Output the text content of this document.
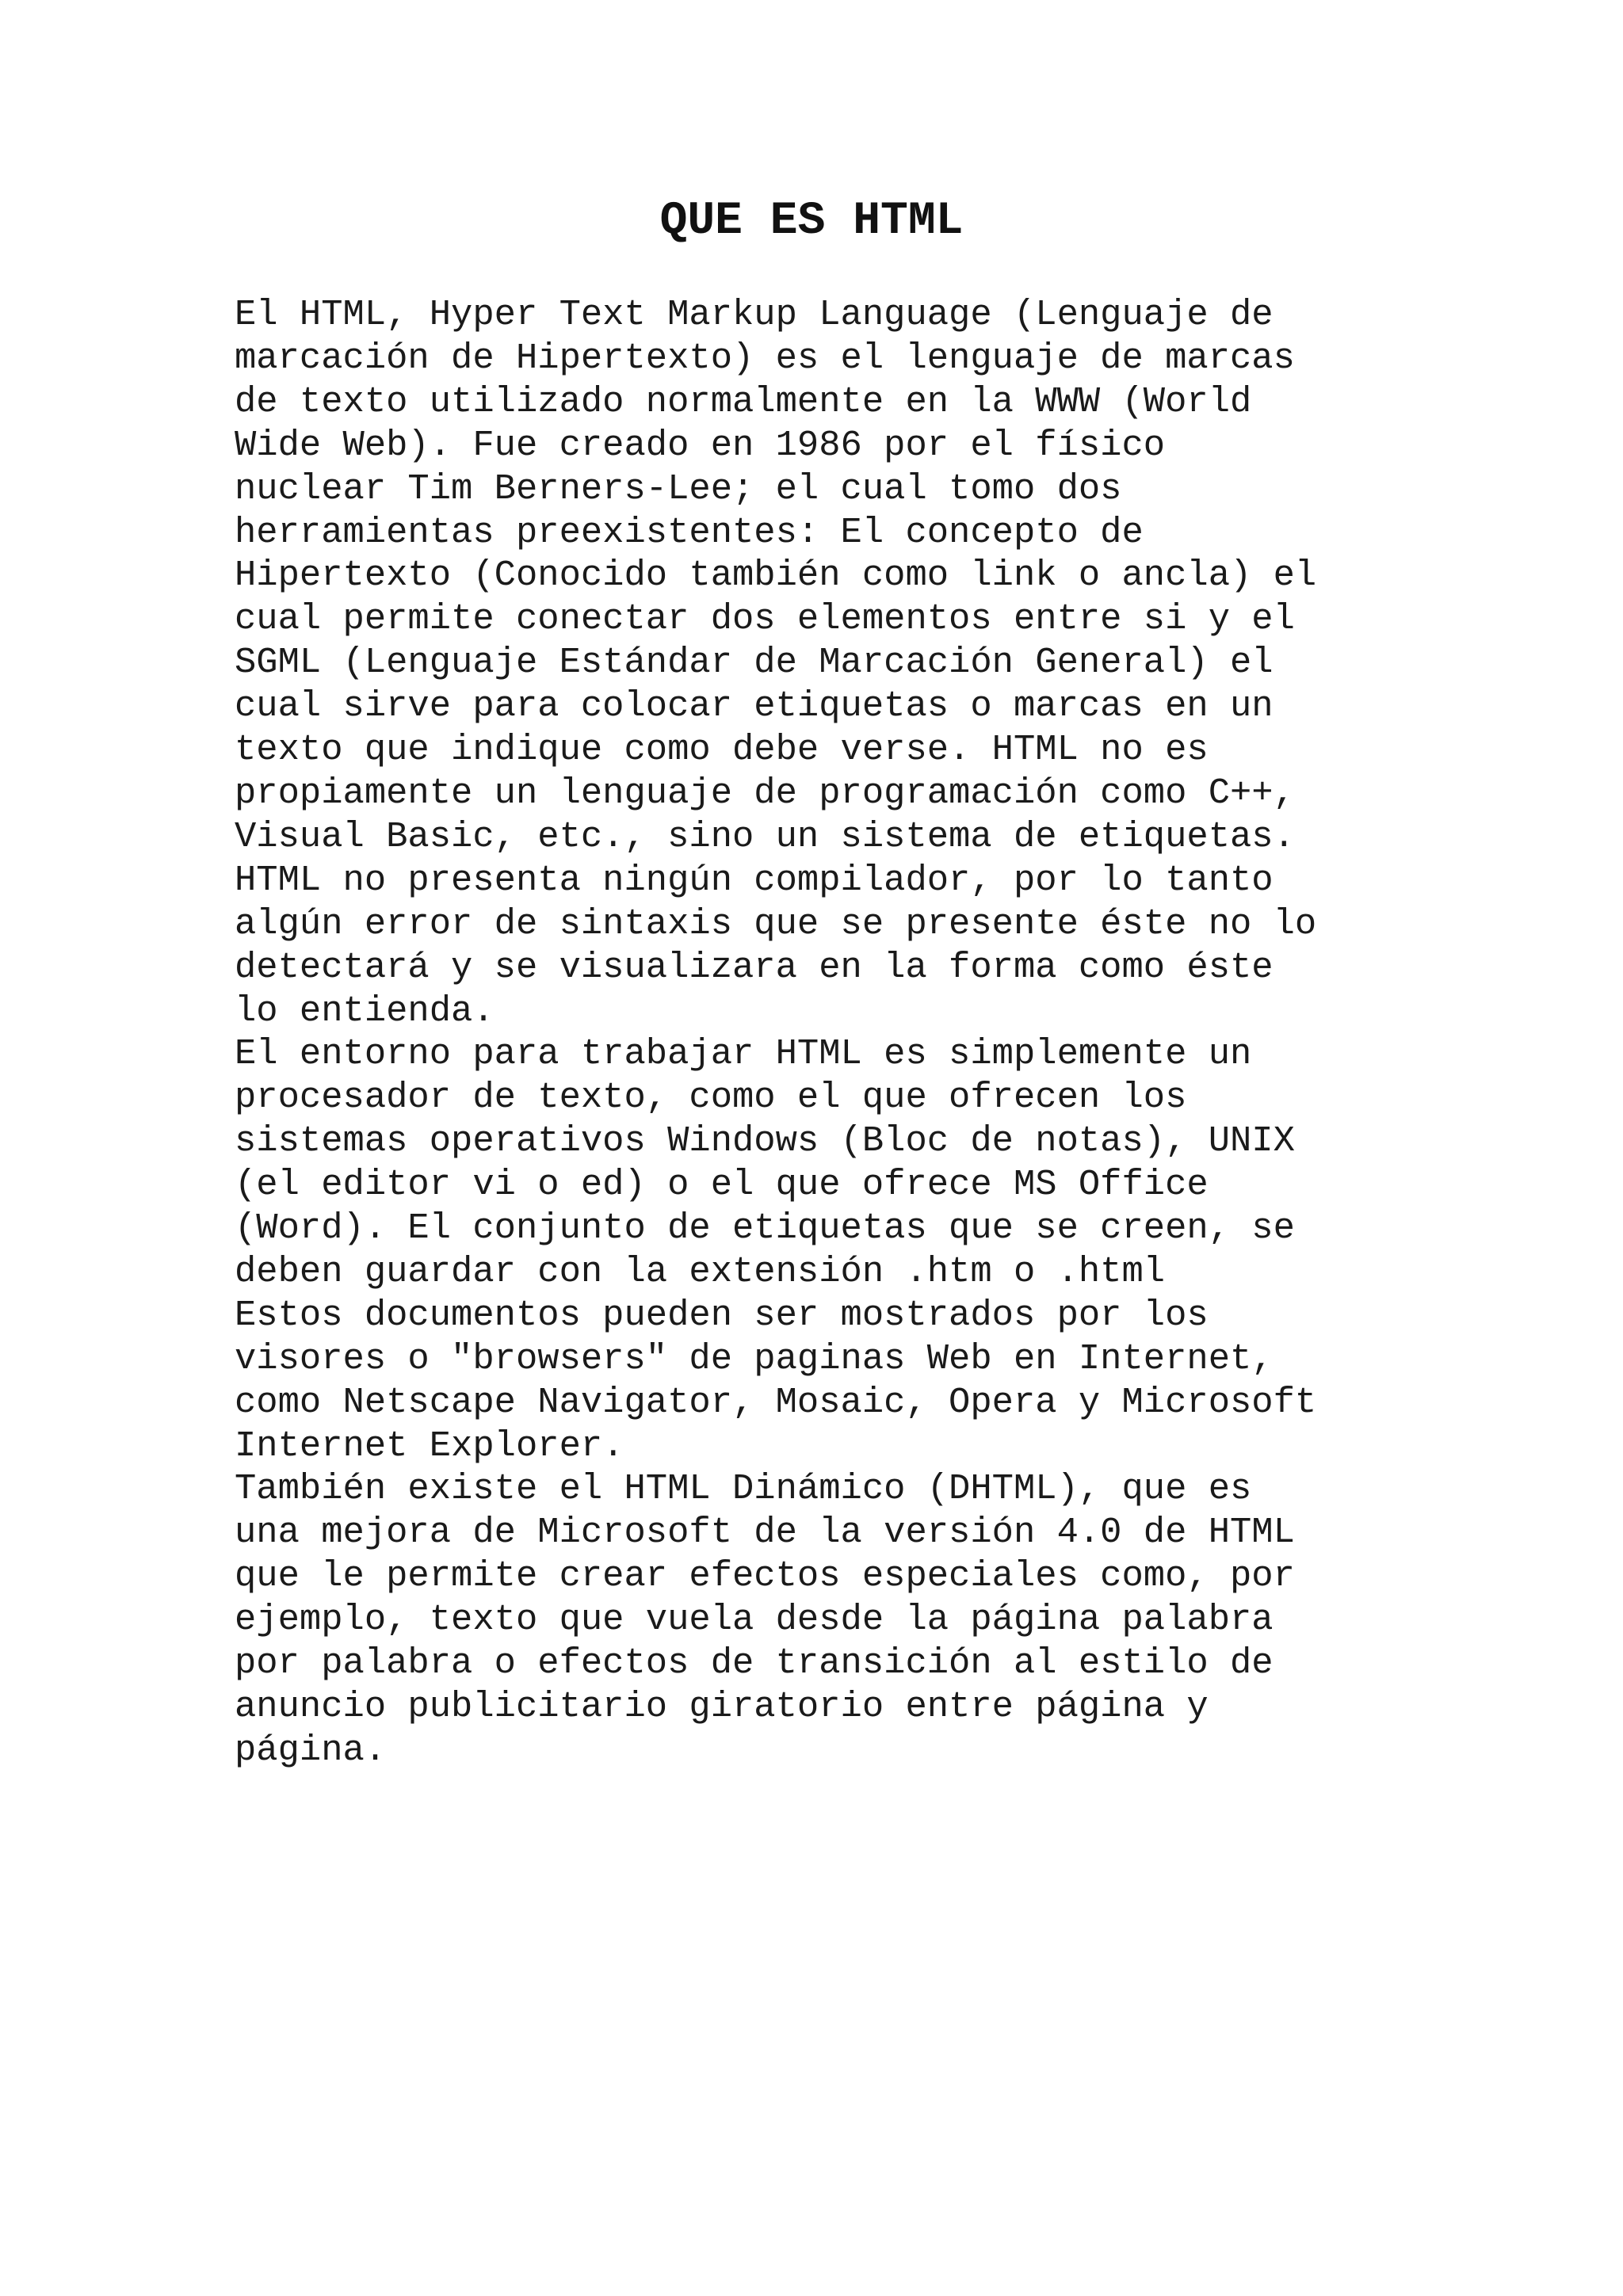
QUE ES HTML
El HTML, Hyper Text Markup Language (Lenguaje de
marcación de Hipertexto) es el lenguaje de marcas
de texto utilizado normalmente en la WWW (World
Wide Web). Fue creado en 1986 por el físico
nuclear Tim Berners-Lee; el cual tomo dos
herramientas preexistentes: El concepto de
Hipertexto (Conocido también como link o ancla) el
cual permite conectar dos elementos entre si y el
SGML (Lenguaje Estándar de Marcación General) el
cual sirve para colocar etiquetas o marcas en un
texto que indique como debe verse. HTML no es
propiamente un lenguaje de programación como C++,
Visual Basic, etc., sino un sistema de etiquetas.
HTML no presenta ningún compilador, por lo tanto
algún error de sintaxis que se presente éste no lo
detectará y se visualizara en la forma como éste
lo entienda.
El entorno para trabajar HTML es simplemente un
procesador de texto, como el que ofrecen los
sistemas operativos Windows (Bloc de notas), UNIX
(el editor vi o ed) o el que ofrece MS Office
(Word). El conjunto de etiquetas que se creen, se
deben guardar con la extensión .htm o .html
Estos documentos pueden ser mostrados por los
visores o "browsers" de paginas Web en Internet,
como Netscape Navigator, Mosaic, Opera y Microsoft
Internet Explorer.
También existe el HTML Dinámico (DHTML), que es
una mejora de Microsoft de la versión 4.0 de HTML
que le permite crear efectos especiales como, por
ejemplo, texto que vuela desde la página palabra
por palabra o efectos de transición al estilo de
anuncio publicitario giratorio entre página y
página.
